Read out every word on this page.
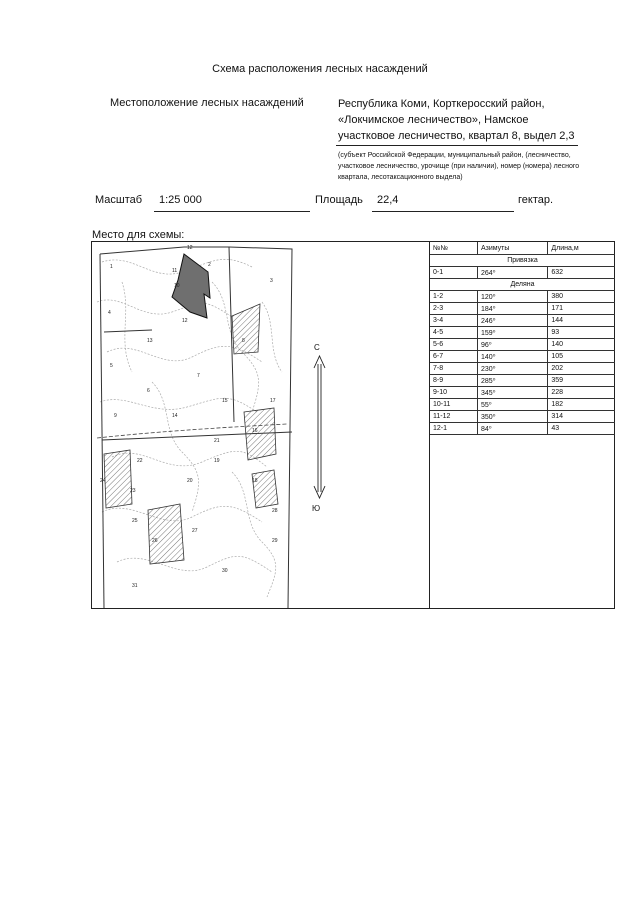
Схема расположения лесных насаждений
Местоположение лесных насаждений	Республика Коми, Корткеросский район, «Локчимское лесничество», Намское участковое лесничество, квартал 8, выдел 2,3
(субъект Российской Федерации, муниципальный район, (лесничество, участковое лесничество, урочище (при наличии), номер (номера) лесного квартала, лесотаксационного выдела)
Масштаб 1:25 000	Площадь 22,4	гектар.
Место для схемы:
12
1	2
3
4
10
11
12
13
5
6
7
8
9	14
15
16
17
18
19
20
21
22
23
24
25
26
27
28
29
30
31
С
Ю
№№	Азимуты	Длина,м
Привязка		
0-1	264⁰	632
Деляна		
1-2	120⁰	380
2-3	184⁰	171
3-4	246⁰	144
4-5	159⁰	93
5-6	96⁰	140
6-7	140⁰	105
7-8	230⁰	202
8-9	285⁰	359
9-10	345⁰	228
10-11	55⁰	182
11-12	350⁰	314
12-1	84⁰	43
